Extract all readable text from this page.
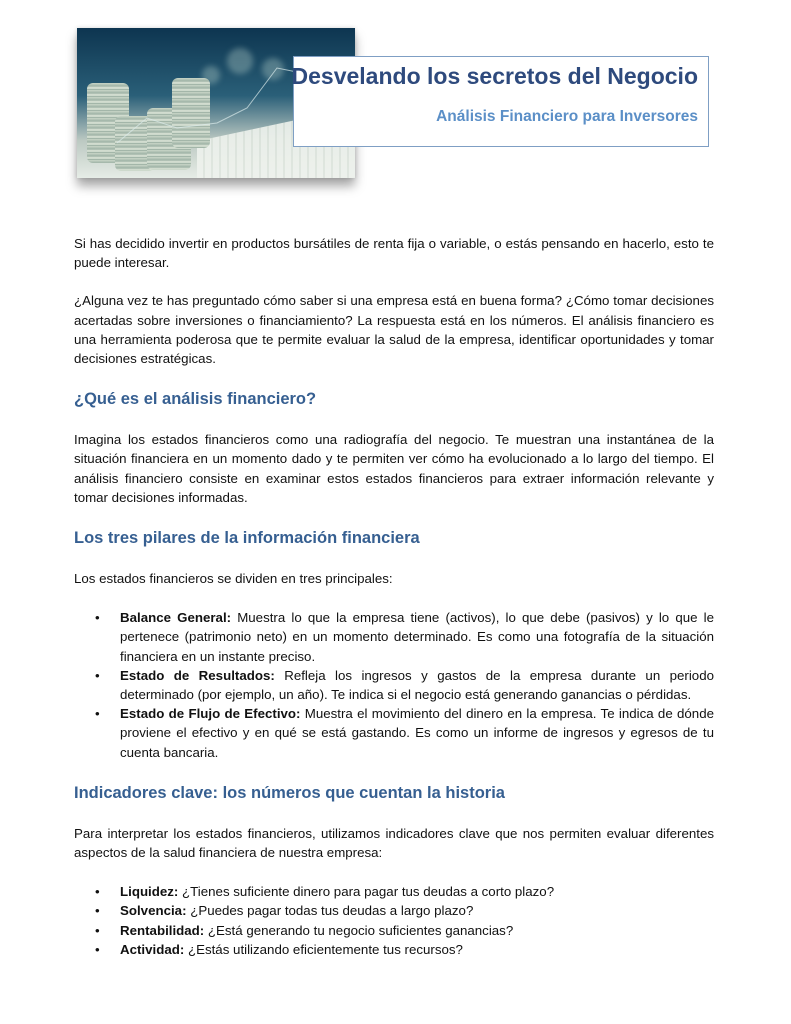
Desvelando los secretos del Negocio
Análisis Financiero para Inversores

Si has decidido invertir en productos bursátiles de renta fija o variable, o estás pensando en hacerlo, esto te puede interesar.

¿Alguna vez te has preguntado cómo saber si una empresa está en buena forma? ¿Cómo tomar decisiones acertadas sobre inversiones o financiamiento? La respuesta está en los números. El análisis financiero es una herramienta poderosa que te permite evaluar la salud de la empresa, identificar oportunidades y tomar decisiones estratégicas.

¿Qué es el análisis financiero?

Imagina los estados financieros como una radiografía del negocio. Te muestran una instantánea de la situación financiera en un momento dado y te permiten ver cómo ha evolucionado a lo largo del tiempo. El análisis financiero consiste en examinar estos estados financieros para extraer información relevante y tomar decisiones informadas.

Los tres pilares de la información financiera

Los estados financieros se dividen en tres principales:

• Balance General: Muestra lo que la empresa tiene (activos), lo que debe (pasivos) y lo que le pertenece (patrimonio neto) en un momento determinado. Es como una fotografía de la situación financiera en un instante preciso.
• Estado de Resultados: Refleja los ingresos y gastos de la empresa durante un periodo determinado (por ejemplo, un año). Te indica si el negocio está generando ganancias o pérdidas.
• Estado de Flujo de Efectivo: Muestra el movimiento del dinero en la empresa. Te indica de dónde proviene el efectivo y en qué se está gastando. Es como un informe de ingresos y egresos de tu cuenta bancaria.
Indicadores clave: los números que cuentan la historia

Para interpretar los estados financieros, utilizamos indicadores clave que nos permiten evaluar diferentes aspectos de la salud financiera de nuestra empresa:

• Liquidez: ¿Tienes suficiente dinero para pagar tus deudas a corto plazo?
• Solvencia: ¿Puedes pagar todas tus deudas a largo plazo?
• Rentabilidad: ¿Está generando tu negocio suficientes ganancias?
• Actividad: ¿Estás utilizando eficientemente tus recursos?
